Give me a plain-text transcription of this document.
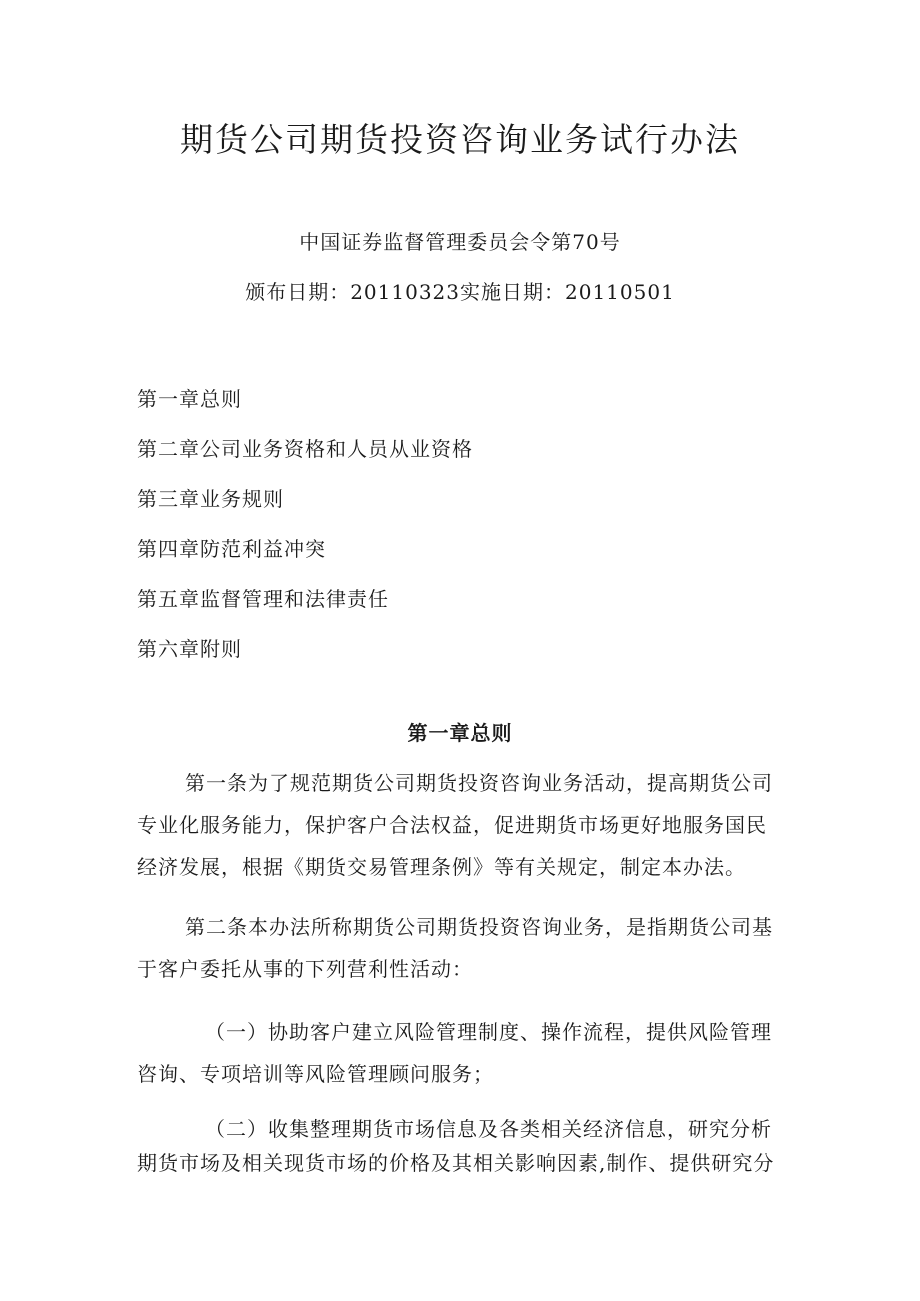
期货公司期货投资咨询业务试行办法
中国证券监督管理委员会令第70号
颁布日期：20110323实施日期：20110501
第一章总则
第二章公司业务资格和人员从业资格
第三章业务规则
第四章防范利益冲突
第五章监督管理和法律责任
第六章附则
第一章总则
第一条为了规范期货公司期货投资咨询业务活动，提高期货公司
专业化服务能力，保护客户合法权益，促进期货市场更好地服务国民
经济发展，根据《期货交易管理条例》等有关规定，制定本办法。
第二条本办法所称期货公司期货投资咨询业务，是指期货公司基
于客户委托从事的下列营利性活动：
（一）协助客户建立风险管理制度、操作流程，提供风险管理
咨询、专项培训等风险管理顾问服务；
（二）收集整理期货市场信息及各类相关经济信息，研究分析
期货市场及相关现货市场的价格及其相关影响因素,制作、提供研究分
